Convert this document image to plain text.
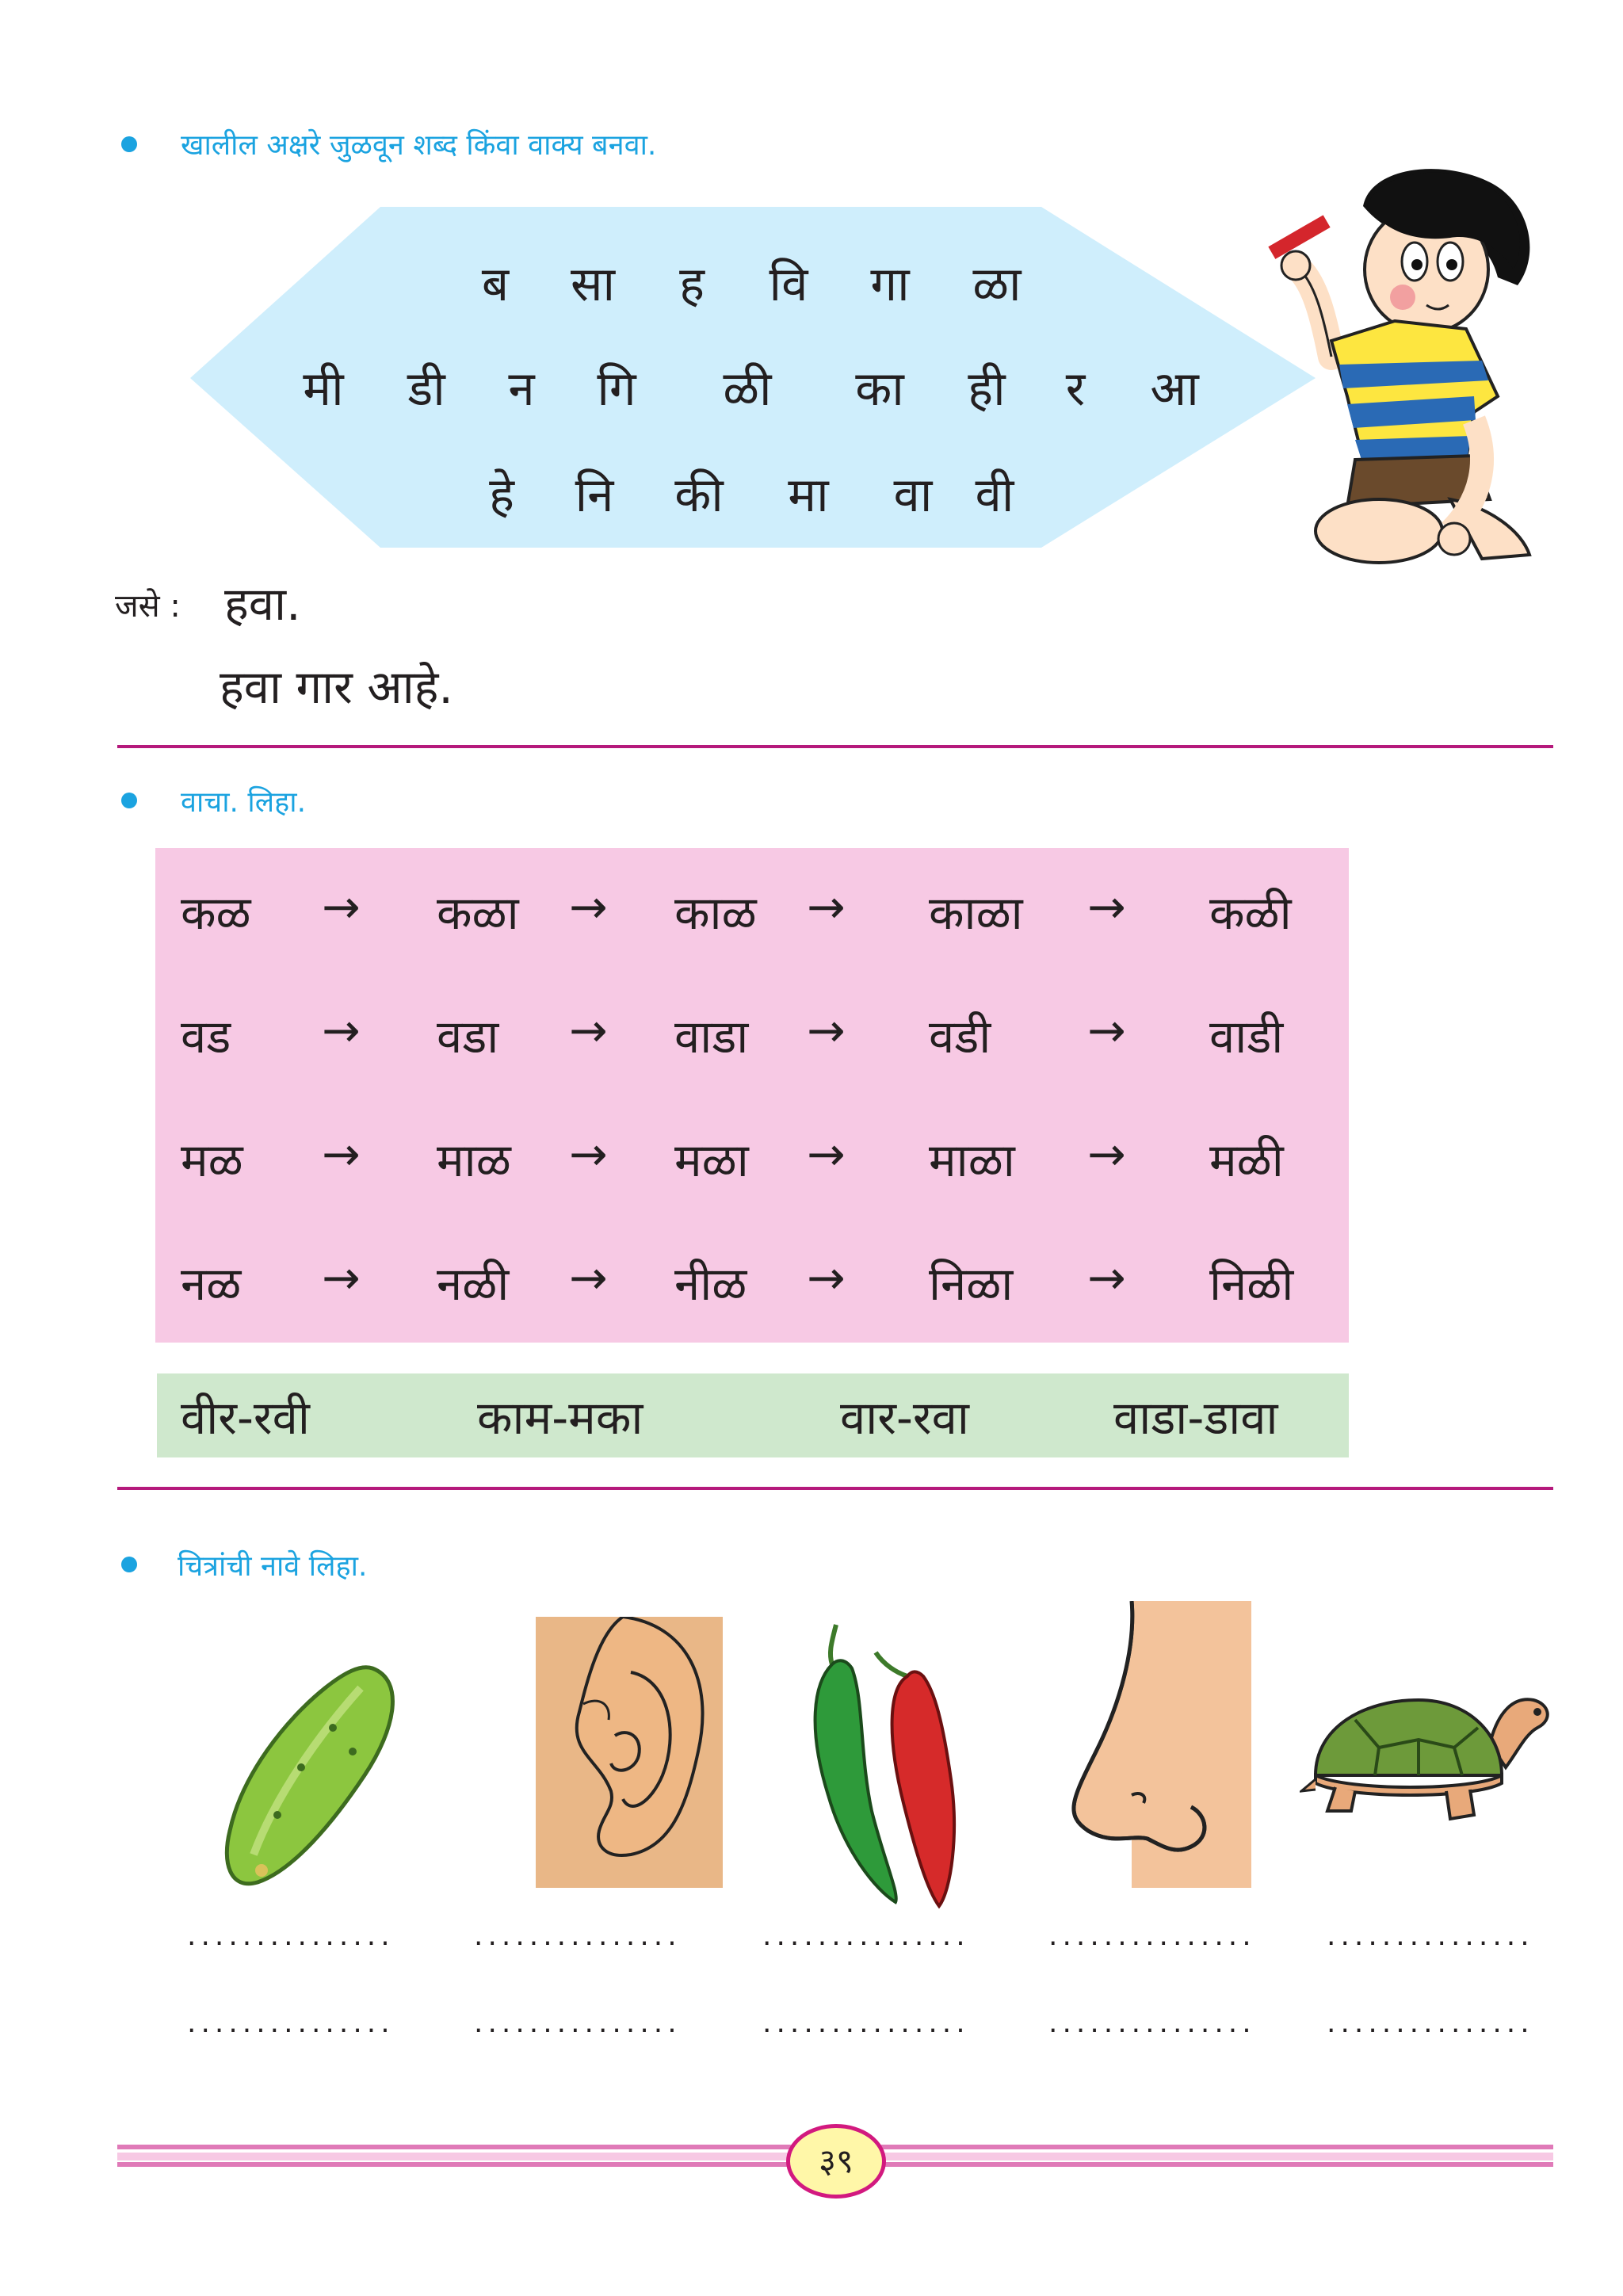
खालील अक्षरे जुळवून शब्द किंवा वाक्य बनवा.
ब सा ह वि गा ळा
मी डी न गि ळी का ही र आ
हे नि की मा वा वी
जसे : हवा.
हवा गार आहे.
वाचा. लिहा.
कळ → कळा → काळ → काळा → कळी
वड → वडा → वाडा → वडी → वाडी
मळ → माळ → मळा → माळा → मळी
नळ → नळी → नीळ → निळा → निळी
वीर-रवी	काम-मका	वार-रवा	वाडा-डावा
चित्रांची नावे लिहा.
...............	...............	...............	............... ...............
...............	...............	...............	............... ...............
३९
